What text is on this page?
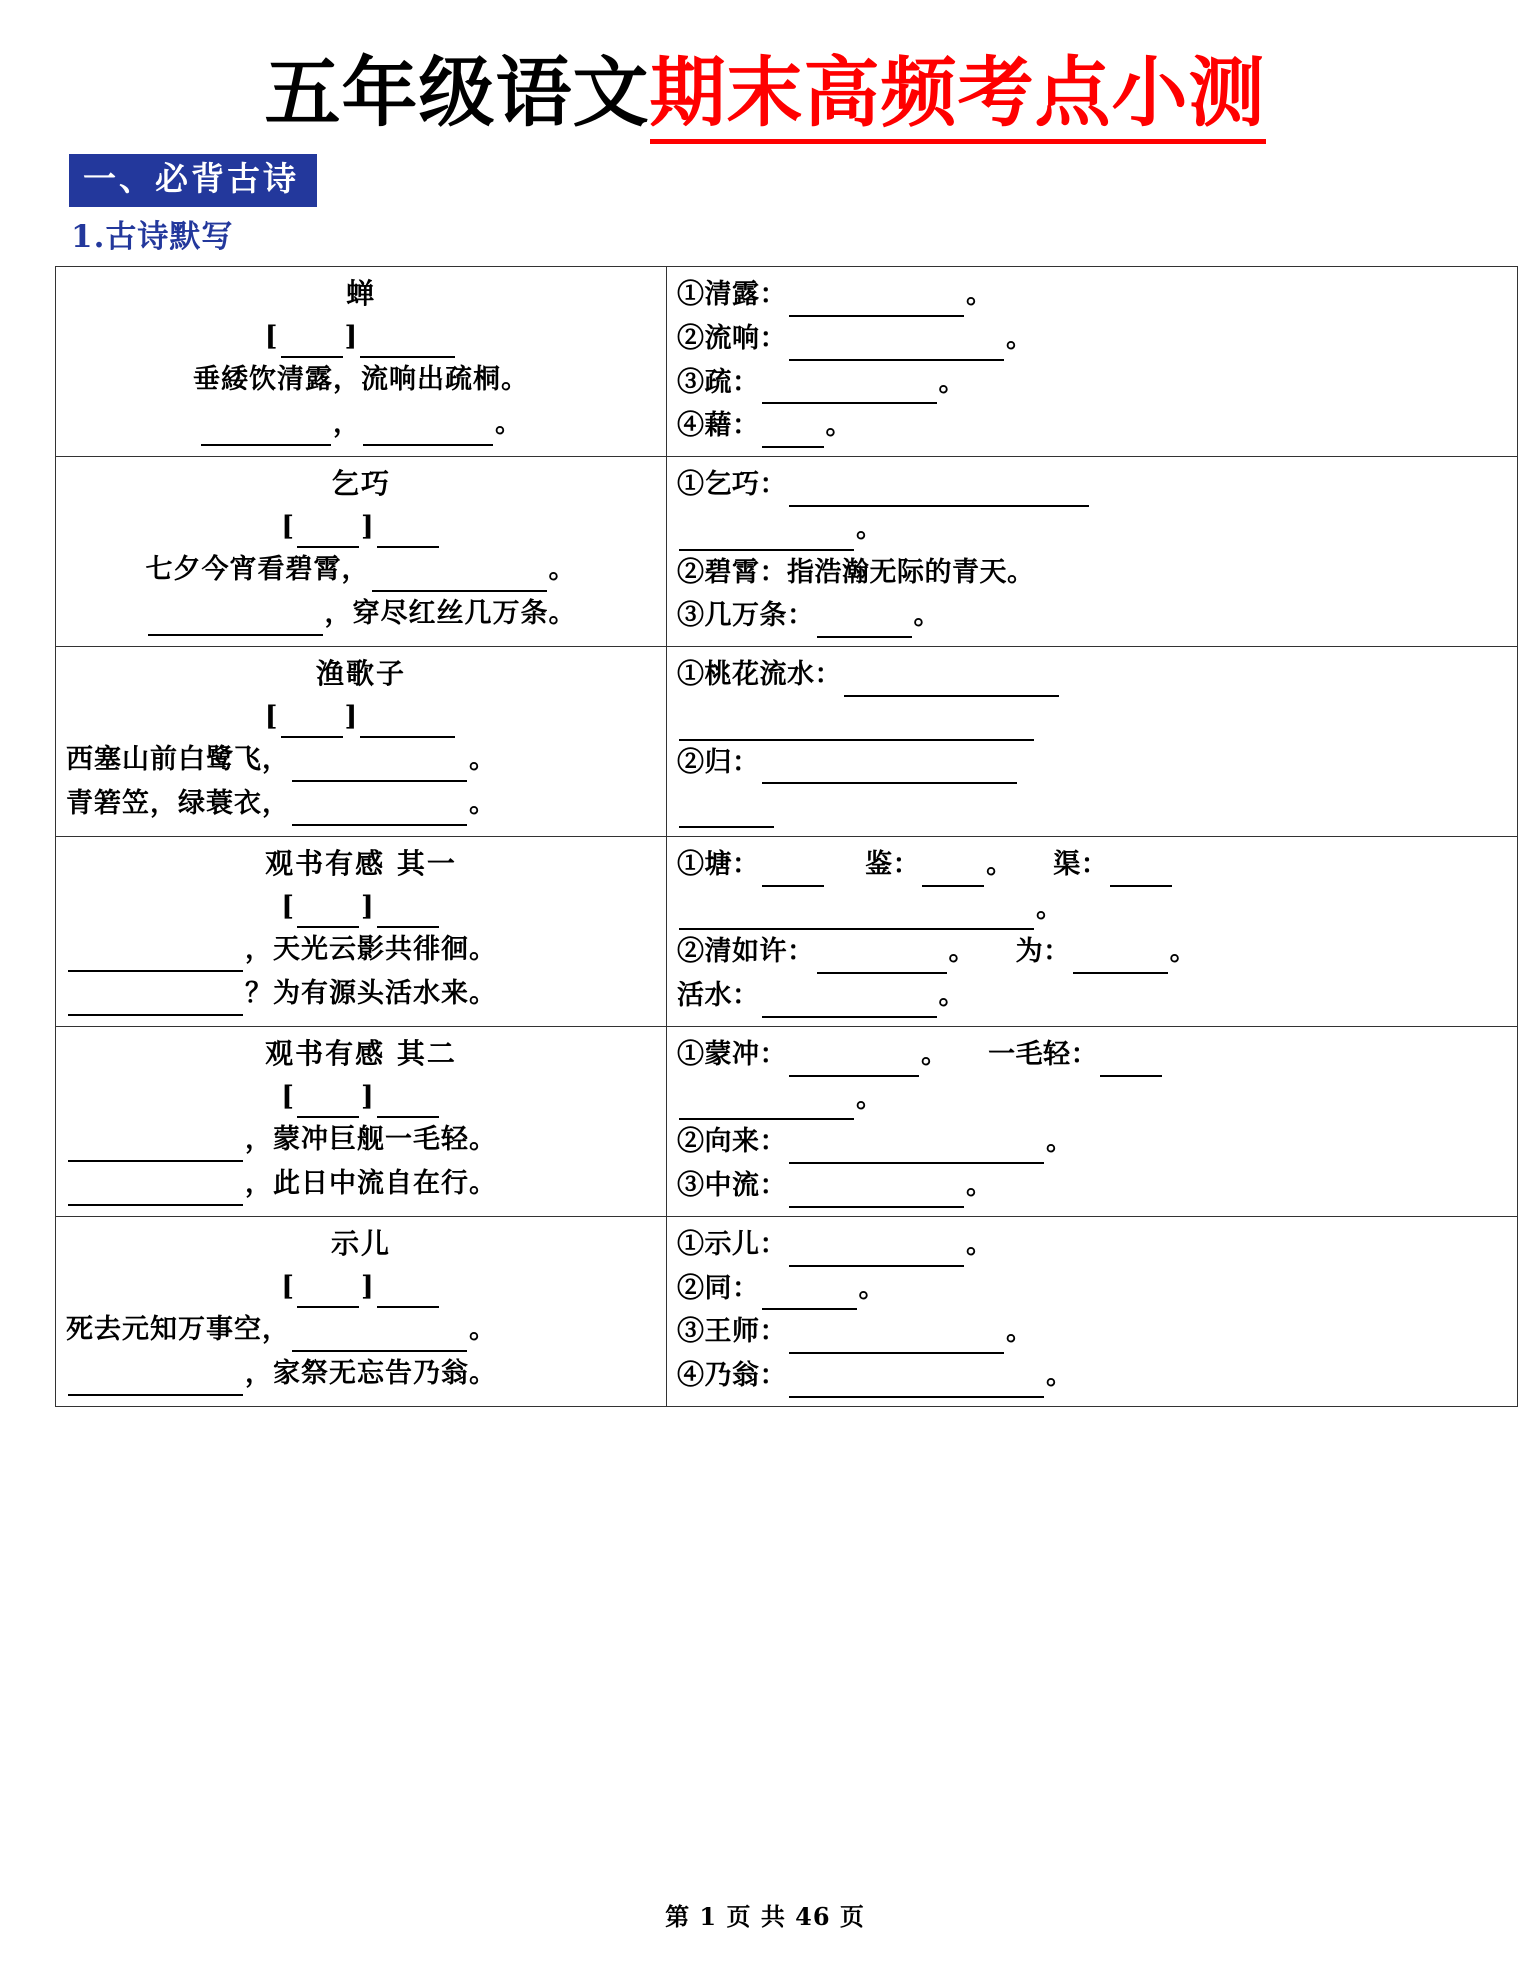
五年级语文期末高频考点小测
一、必背古诗
1.古诗默写
蝉
[ ]
垂緌饮清露，流响出疏桐。
，	。

①清露：	。
②流响：	。
③疏：	。
④藉： 。

乞巧
[ ]
七夕今宵看碧霄，	。
，穿尽红丝几万条。

①乞巧：
。
②碧霄：指浩瀚无际的青天。
③几万条：	。

渔歌子
[ ]
西塞山前白鹭飞，	。
青箬笠，绿蓑衣，	。

①桃花流水：
②归：

观书有感 其一
[ ]
，天光云影共徘徊。
？为有源头活水来。

①塘：    鉴： 。    渠：
。
②清如许：	。    为：	。
活水：	。

观书有感 其二
[ ]
，蒙冲巨舰一毛轻。
，此日中流自在行。

①蒙冲：	。    一毛轻：
。
②向来：	。
③中流：	。

示儿
[ ]
死去元知万事空，	。
，家祭无忘告乃翁。

①示儿：	。
②同：	。
③王师：	。
④乃翁：	。
第 1 页 共 46 页
